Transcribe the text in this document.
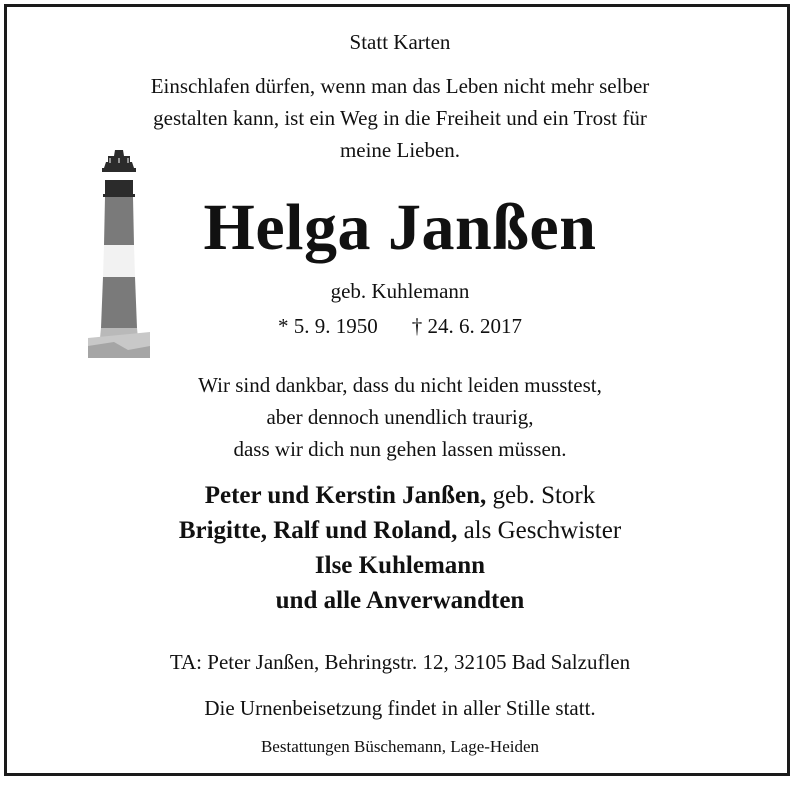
Statt Karten
Einschlafen dürfen, wenn man das Leben nicht mehr selber
gestalten kann, ist ein Weg in die Freiheit und ein Trost für
meine Lieben.
Helga Janßen
geb. Kuhlemann
* 5. 9. 1950 † 24. 6. 2017
Wir sind dankbar, dass du nicht leiden musstest,
aber dennoch unendlich traurig,
dass wir dich nun gehen lassen müssen.
Peter und Kerstin Janßen, geb. Stork
Brigitte, Ralf und Roland, als Geschwister
Ilse Kuhlemann
und alle Anverwandten
TA: Peter Janßen, Behringstr. 12, 32105 Bad Salzuflen
Die Urnenbeisetzung findet in aller Stille statt.
Bestattungen Büschemann, Lage-Heiden
